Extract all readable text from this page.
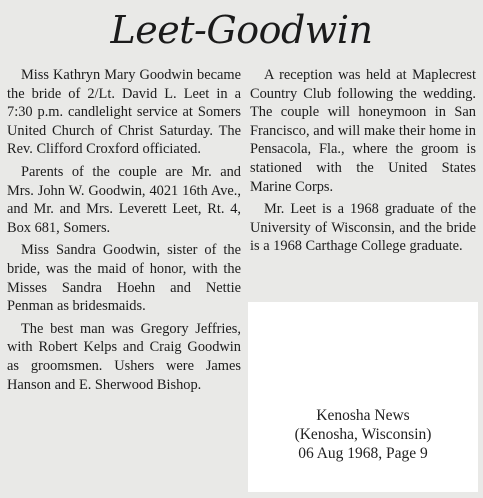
Leet-Goodwin

Miss Kathryn Mary Goodwin became the bride of 2/Lt. David L. Leet in a 7:30 p.m. candlelight service at Somers United Church of Christ Saturday. The Rev. Clifford Croxford officiated.

Parents of the couple are Mr. and Mrs. John W. Goodwin, 4021 16th Ave., and Mr. and Mrs. Leverett Leet, Rt. 4, Box 681, Somers.

Miss Sandra Goodwin, sister of the bride, was the maid of honor, with the Misses Sandra Hoehn and Nettie Penman as bridesmaids.

The best man was Gregory Jeffries, with Robert Kelps and Craig Goodwin as groomsmen. Ushers were James Hanson and E. Sherwood Bishop.

A reception was held at Maplecrest Country Club following the wedding. The couple will honeymoon in San Francisco, and will make their home in Pensacola, Fla., where the groom is stationed with the United States Marine Corps.

Mr. Leet is a 1968 graduate of the University of Wisconsin, and the bride is a 1968 Carthage College graduate.

Kenosha News
(Kenosha, Wisconsin)
06 Aug 1968, Page 9
